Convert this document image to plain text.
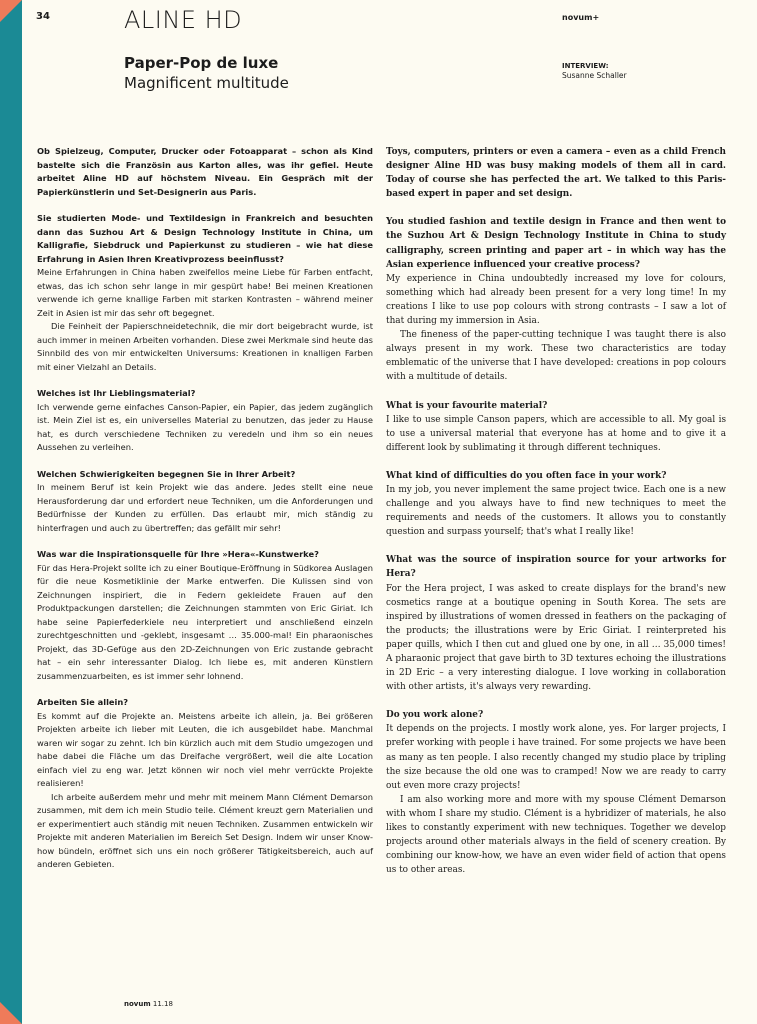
34	ALINE HD	novum+
Paper-Pop de luxe
Magnificent multitude
INTERVIEW:
Susanne Schaller

Ob Spielzeug, Computer, Drucker oder Fotoapparat – schon als Kind bastelte sich die Französin aus Karton alles, was ihr gefiel. Heute arbeitet Aline HD auf höchstem Niveau. Ein Gespräch mit der Papierkünstlerin und Set-Designerin aus Paris.

Sie studierten Mode- und Textildesign in Frankreich and besuchten dann das Suzhou Art & Design Technology Institute in China, um Kalligrafie, Siebdruck und Papierkunst zu studieren – wie hat diese Erfahrung in Asien Ihren Kreativprozess beeinflusst?

Meine Erfahrungen in China haben zweifellos meine Liebe für Farben entfacht, etwas, das ich schon sehr lange in mir gespürt habe! Bei meinen Kreationen verwende ich gerne knallige Farben mit starken Kontrasten – während meiner Zeit in Asien ist mir das sehr oft begegnet.

Die Feinheit der Papierschneidetechnik, die mir dort beigebracht wurde, ist auch immer in meinen Arbeiten vorhanden. Diese zwei Merkmale sind heute das Sinnbild des von mir entwickelten Universums: Kreationen in knalligen Farben mit einer Vielzahl an Details.

Welches ist Ihr Lieblingsmaterial?

Ich verwende gerne einfaches Canson-Papier, ein Papier, das jedem zugänglich ist. Mein Ziel ist es, ein universelles Material zu benutzen, das jeder zu Hause hat, es durch verschiedene Techniken zu veredeln und ihm so ein neues Aussehen zu verleihen.

Welchen Schwierigkeiten begegnen Sie in Ihrer Arbeit?

In meinem Beruf ist kein Projekt wie das andere. Jedes stellt eine neue Herausforderung dar und erfordert neue Techniken, um die Anforderungen und Bedürfnisse der Kunden zu erfüllen. Das erlaubt mir, mich ständig zu hinterfragen und auch zu übertreffen; das gefällt mir sehr!

Was war die Inspirationsquelle für Ihre »Hera«-Kunstwerke?

Für das Hera-Projekt sollte ich zu einer Boutique-Eröffnung in Südkorea Auslagen für die neue Kosmetiklinie der Marke entwerfen. Die Kulissen sind von Zeichnungen inspiriert, die in Federn gekleidete Frauen auf den Produktpackungen darstellen; die Zeichnungen stammten von Eric Giriat. Ich habe seine Papierfederkiele neu interpretiert und anschließend einzeln zurechtgeschnitten und -geklebt, insgesamt … 35.000-mal! Ein pharaonisches Projekt, das 3D-Gefüge aus den 2D-Zeichnungen von Eric zustande gebracht hat – ein sehr interessanter Dialog. Ich liebe es, mit anderen Künstlern zusammenzuarbeiten, es ist immer sehr lohnend.

Arbeiten Sie allein?

Es kommt auf die Projekte an. Meistens arbeite ich allein, ja. Bei größeren Projekten arbeite ich lieber mit Leuten, die ich ausgebildet habe. Manchmal waren wir sogar zu zehnt. Ich bin kürzlich auch mit dem Studio umgezogen und habe dabei die Fläche um das Dreifache vergrößert, weil die alte Location einfach viel zu eng war. Jetzt können wir noch viel mehr verrückte Projekte realisieren!

Ich arbeite außerdem mehr und mehr mit meinem Mann Clément Demarson zusammen, mit dem ich mein Studio teile. Clément kreuzt gern Materialien und er experimentiert auch ständig mit neuen Techniken. Zusammen entwickeln wir Projekte mit anderen Materialien im Bereich Set Design. Indem wir unser Know-how bündeln, eröffnet sich uns ein noch größerer Tätigkeitsbereich, auch auf anderen Gebieten.

Toys, computers, printers or even a camera – even as a child French designer Aline HD was busy making models of them all in card. Today of course she has perfected the art. We talked to this Paris-based expert in paper and set design.

You studied fashion and textile design in France and then went to the Suzhou Art & Design Technology Institute in China to study calligraphy, screen printing and paper art – in which way has the Asian experience influenced your creative process?

My experience in China undoubtedly increased my love for colours, something which had already been present for a very long time! In my creations I like to use pop colours with strong contrasts – I saw a lot of that during my immersion in Asia.

The fineness of the paper-cutting technique I was taught there is also always present in my work. These two characteristics are today emblematic of the universe that I have developed: creations in pop colours with a multitude of details.

What is your favourite material?

I like to use simple Canson papers, which are accessible to all. My goal is to use a universal material that everyone has at home and to give it a different look by sublimating it through different techniques.

What kind of difficulties do you often face in your work?

In my job, you never implement the same project twice. Each one is a new challenge and you always have to find new techniques to meet the requirements and needs of the customers. It allows you to constantly question and surpass yourself; that's what I really like!

What was the source of inspiration source for your artworks for Hera?

For the Hera project, I was asked to create displays for the brand's new cosmetics range at a boutique opening in South Korea. The sets are inspired by illustrations of women dressed in feathers on the packaging of the products; the illustrations were by Eric Giriat. I reinterpreted his paper quills, which I then cut and glued one by one, in all … 35,000 times! A pharaonic project that gave birth to 3D textures echoing the illustrations in 2D Eric – a very interesting dialogue. I love working in collaboration with other artists, it's always very rewarding.

Do you work alone?

It depends on the projects. I mostly work alone, yes. For larger projects, I prefer working with people i have trained. For some projects we have been as many as ten people. I also recently changed my studio place by tripling the size because the old one was to cramped! Now we are ready to carry out even more crazy projects!

I am also working more and more with my spouse Clément Demarson with whom I share my studio. Clément is a hybridizer of materials, he also likes to constantly experiment with new techniques. Together we develop projects around other materials always in the field of scenery creation. By combining our know-how, we have an even wider field of action that opens us to other areas.

novum 11.18
